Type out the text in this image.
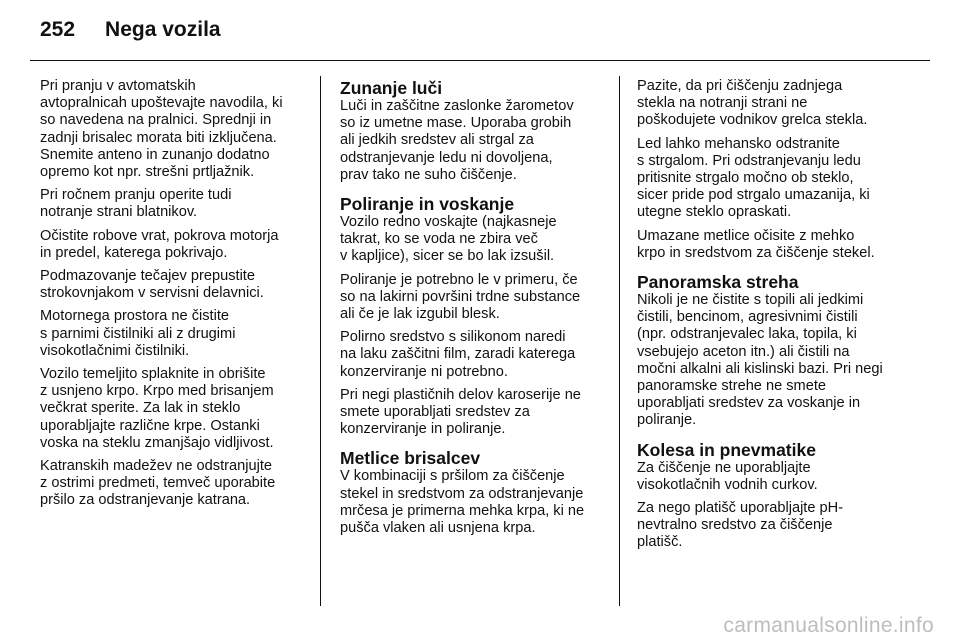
252 Nega vozila

Pri pranju v avtomatskih
avtopralnicah upoštevajte navodila, ki
so navedena na pralnici. Sprednji in
zadnji brisalec morata biti izključena.
Snemite anteno in zunanjo dodatno
opremo kot npr. strešni prtljažnik.

Pri ročnem pranju operite tudi
notranje strani blatnikov.

Očistite robove vrat, pokrova motorja
in predel, katerega pokrivajo.

Podmazovanje tečajev prepustite
strokovnjakom v servisni delavnici.

Motornega prostora ne čistite
s parnimi čistilniki ali z drugimi
visokotlačnimi čistilniki.

Vozilo temeljito splaknite in obrišite
z usnjeno krpo. Krpo med brisanjem
večkrat sperite. Za lak in steklo
uporabljajte različne krpe. Ostanki
voska na steklu zmanjšajo vidljivost.

Katranskih madežev ne odstranjujte
z ostrimi predmeti, temveč uporabite
pršilo za odstranjevanje katrana.

Zunanje luči

Luči in zaščitne zaslonke žarometov
so iz umetne mase. Uporaba grobih
ali jedkih sredstev ali strgal za
odstranjevanje ledu ni dovoljena,
prav tako ne suho čiščenje.

Poliranje in voskanje

Vozilo redno voskajte (najkasneje
takrat, ko se voda ne zbira več
v kapljice), sicer se bo lak izsušil.

Poliranje je potrebno le v primeru, če
so na lakirni površini trdne substance
ali če je lak izgubil blesk.

Polirno sredstvo s silikonom naredi
na laku zaščitni film, zaradi katerega
konzerviranje ni potrebno.

Pri negi plastičnih delov karoserije ne
smete uporabljati sredstev za
konzerviranje in poliranje.

Metlice brisalcev

V kombinaciji s pršilom za čiščenje
stekel in sredstvom za odstranjevanje
mrčesa je primerna mehka krpa, ki ne
pušča vlaken ali usnjena krpa.

Pazite, da pri čiščenju zadnjega
stekla na notranji strani ne
poškodujete vodnikov grelca stekla.

Led lahko mehansko odstranite
s strgalom. Pri odstranjevanju ledu
pritisnite strgalo močno ob steklo,
sicer pride pod strgalo umazanija, ki
utegne steklo opraskati.

Umazane metlice očisite z mehko
krpo in sredstvom za čiščenje stekel.

Panoramska streha

Nikoli je ne čistite s topili ali jedkimi
čistili, bencinom, agresivnimi čistili
(npr. odstranjevalec laka, topila, ki
vsebujejo aceton itn.) ali čistili na
močni alkalni ali kislinski bazi. Pri negi
panoramske strehe ne smete
uporabljati sredstev za voskanje in
poliranje.

Kolesa in pnevmatike

Za čiščenje ne uporabljajte
visokotlačnih vodnih curkov.

Za nego platišč uporabljajte pH-
nevtralno sredstvo za čiščenje
platišč.

carmanualsonline.info
